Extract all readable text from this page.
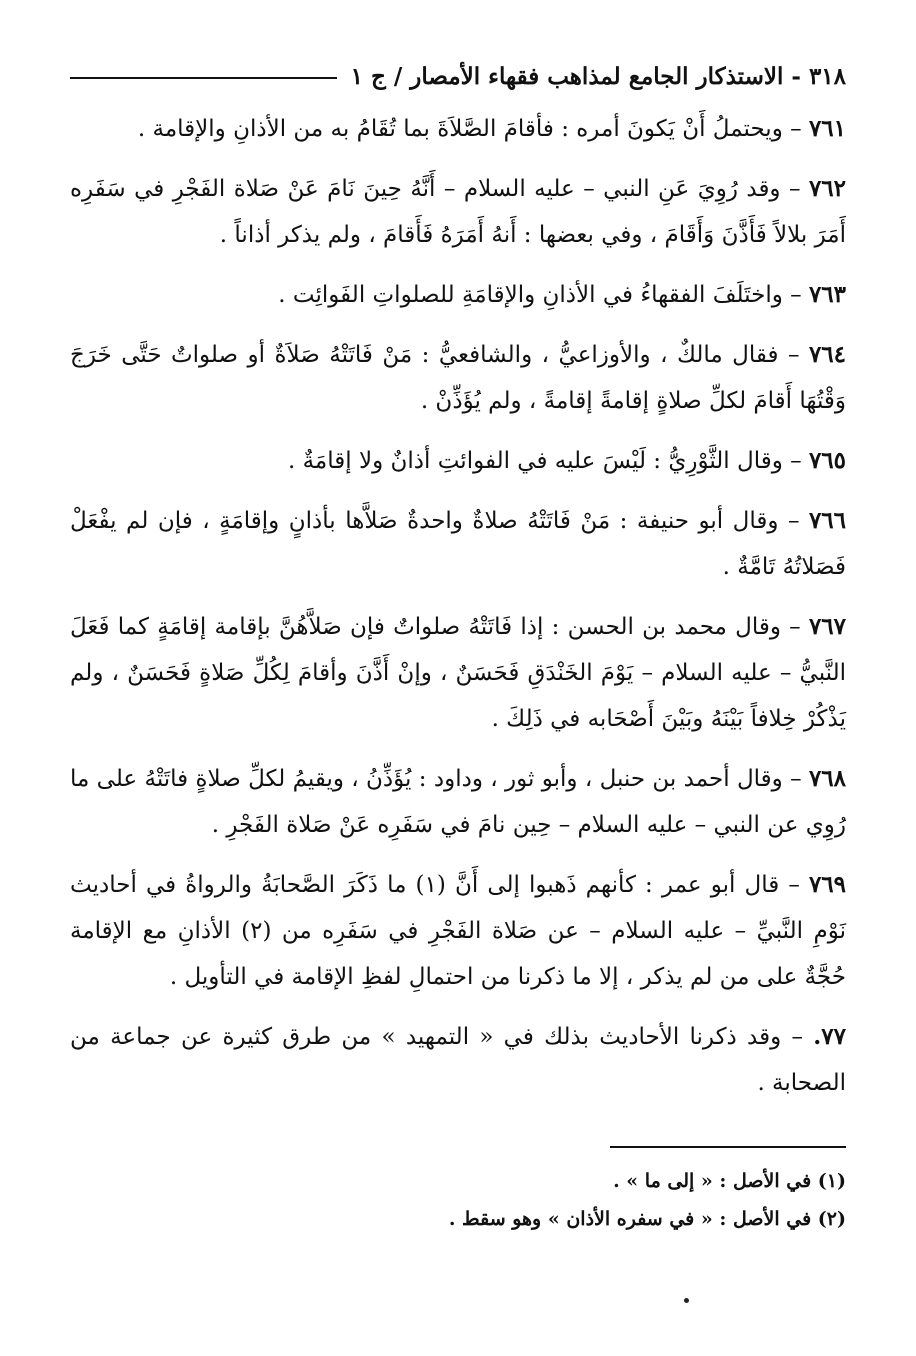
٣١٨ - الاستذكار الجامع لمذاهب فقهاء الأمصار / ج ١

٧٦١ – ويحتملُ أَنْ يَكونَ أمره : فأقامَ الصَّلاَةَ بما تُقَامُ به من الأذانِ والإقامة .

٧٦٢ – وقد رُوِيَ عَنِ النبي – عليه السلام – أَنَّهُ حِينَ نَامَ عَنْ صَلاة الفَجْرِ في سَفَرِه أَمَرَ بلالاً فَأَذَّنَ وَأَقَامَ ، وفي بعضها : أَنهُ أَمَرَهُ فَأَقامَ ، ولم يذكر أذاناً .

٧٦٣ – واختَلَفَ الفقهاءُ في الأذانِ والإقامَةِ للصلواتِ الفَوائِت .

٧٦٤ – فقال مالكٌ ، والأوزاعيُّ ، والشافعيُّ : مَنْ فَاتَتْهُ صَلاَةٌ أو صلواتٌ حَتَّى خَرَجَ وَقْتُهَا أَقامَ لكلِّ صلاةٍ إقامةً إقامةً ، ولم يُؤَذِّنْ .

٧٦٥ – وقال الثَّوْرِيُّ : لَيْسَ عليه في الفوائتِ أذانٌ ولا إقامَةٌ .

٧٦٦ – وقال أبو حنيفة : مَنْ فَاتَتْهُ صلاةٌ واحدةٌ صَلاَّها بأذانٍ وإقامَةٍ ، فإن لم يفْعَلْ فَصَلاتُهُ تَامَّةٌ .

٧٦٧ – وقال محمد بن الحسن : إذا فَاتَتْهُ صلواتٌ فإن صَلاَّهُنَّ بإقامة إقامَةٍ كما فَعَلَ النَّبيُّ – عليه السلام – يَوْمَ الخَنْدَقِ فَحَسَنٌ ، وإنْ أَذَّنَ وأقامَ لِكُلِّ صَلاةٍ فَحَسَنٌ ، ولم يَذْكُرْ خِلافاً بَيْنَهُ وبَيْنَ أَصْحَابه في ذَلِكَ .

٧٦٨ – وقال أحمد بن حنبل ، وأبو ثور ، وداود : يُؤَذِّنُ ، ويقيمُ لكلِّ صلاةٍ فاتَتْهُ على ما رُوِي عن النبي – عليه السلام – حِين نامَ في سَفَرِه عَنْ صَلاة الفَجْرِ .

٧٦٩ – قال أبو عمر : كأنهم ذَهبوا إلى أَنَّ (١) ما ذَكَرَ الصَّحابَةُ والرواةُ في أحاديث نَوْمِ النَّبيِّ – عليه السلام – عن صَلاة الفَجْرِ في سَفَرِه من (٢) الأذانِ مع الإقامة حُجَّةٌ على من لم يذكر ، إلا ما ذكرنا من احتمالِ لفظِ الإقامة في التأويل .

٧٧. – وقد ذكرنا الأحاديث بذلك في « التمهيد » من طرق كثيرة عن جماعة من الصحابة .

(١) في الأصل : « إلى ما » .
(٢) في الأصل : « في سفره الأذان » وهو سقط .
